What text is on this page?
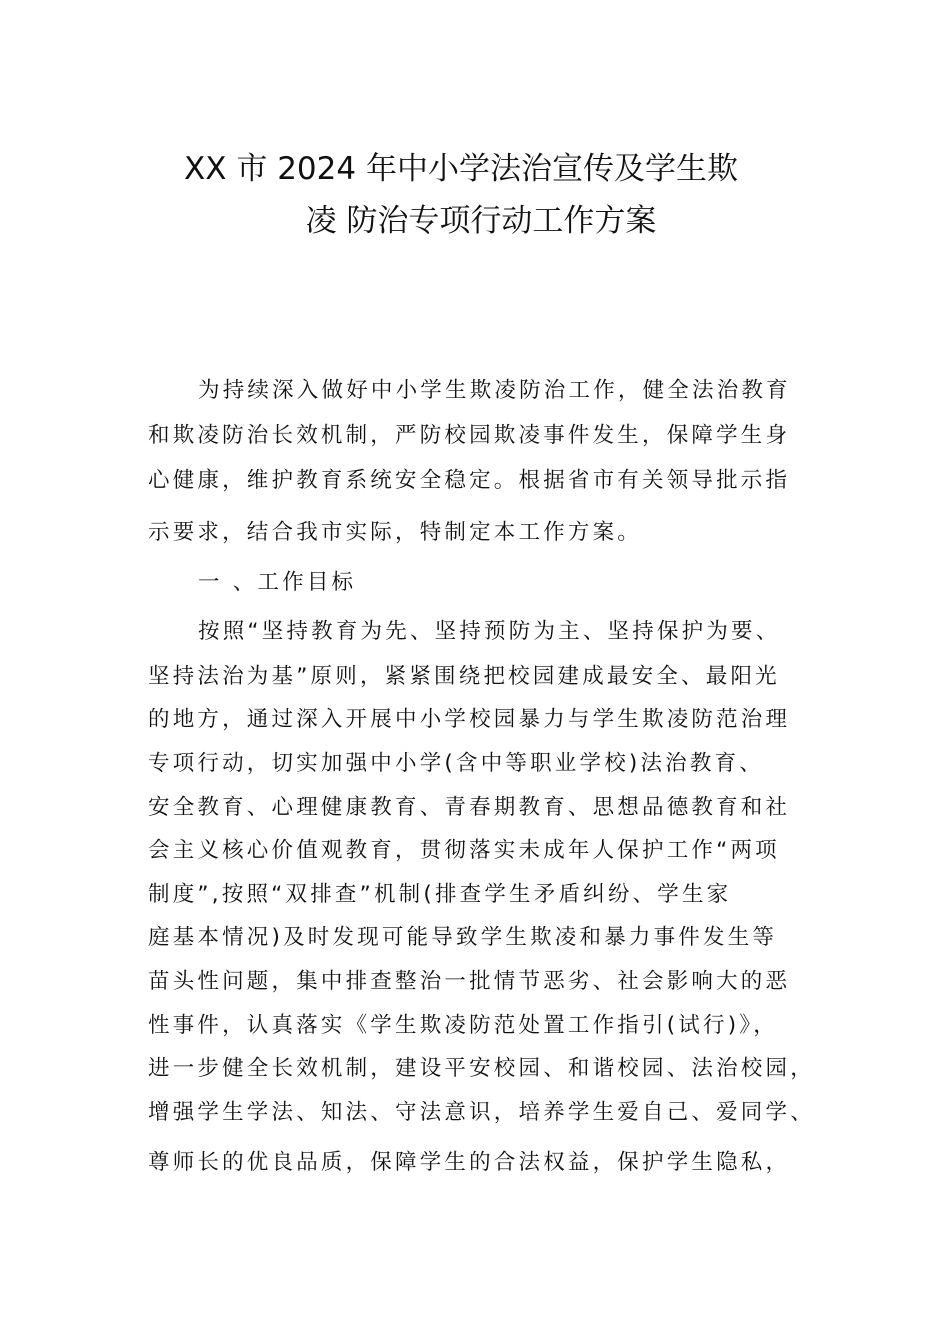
XX 市 2024 年中小学法治宣传及学生欺
凌 防治专项行动工作方案
为持续深入做好中小学生欺凌防治工作，健全法治教育
和欺凌防治长效机制，严防校园欺凌事件发生，保障学生身
心健康，维护教育系统安全稳定。根据省市有关领导批示指
示要求，结合我市实际，特制定本工作方案。
一 、工作目标
按照“坚持教育为先、坚持预防为主、坚持保护为要、
坚持法治为基”原则，紧紧围绕把校园建成最安全、最阳光
的地方，通过深入开展中小学校园暴力与学生欺凌防范治理
专项行动，切实加强中小学(含中等职业学校)法治教育、
安全教育、心理健康教育、青春期教育、思想品德教育和社
会主义核心价值观教育，贯彻落实未成年人保护工作“两项
制度”,按照“双排查”机制(排查学生矛盾纠纷、学生家
庭基本情况)及时发现可能导致学生欺凌和暴力事件发生等
苗头性问题，集中排查整治一批情节恶劣、社会影响大的恶
性事件，认真落实《学生欺凌防范处置工作指引(试行)》，
进一步健全长效机制，建设平安校园、和谐校园、法治校园，
增强学生学法、知法、守法意识，培养学生爱自己、爱同学、
尊师长的优良品质，保障学生的合法权益，保护学生隐私，
